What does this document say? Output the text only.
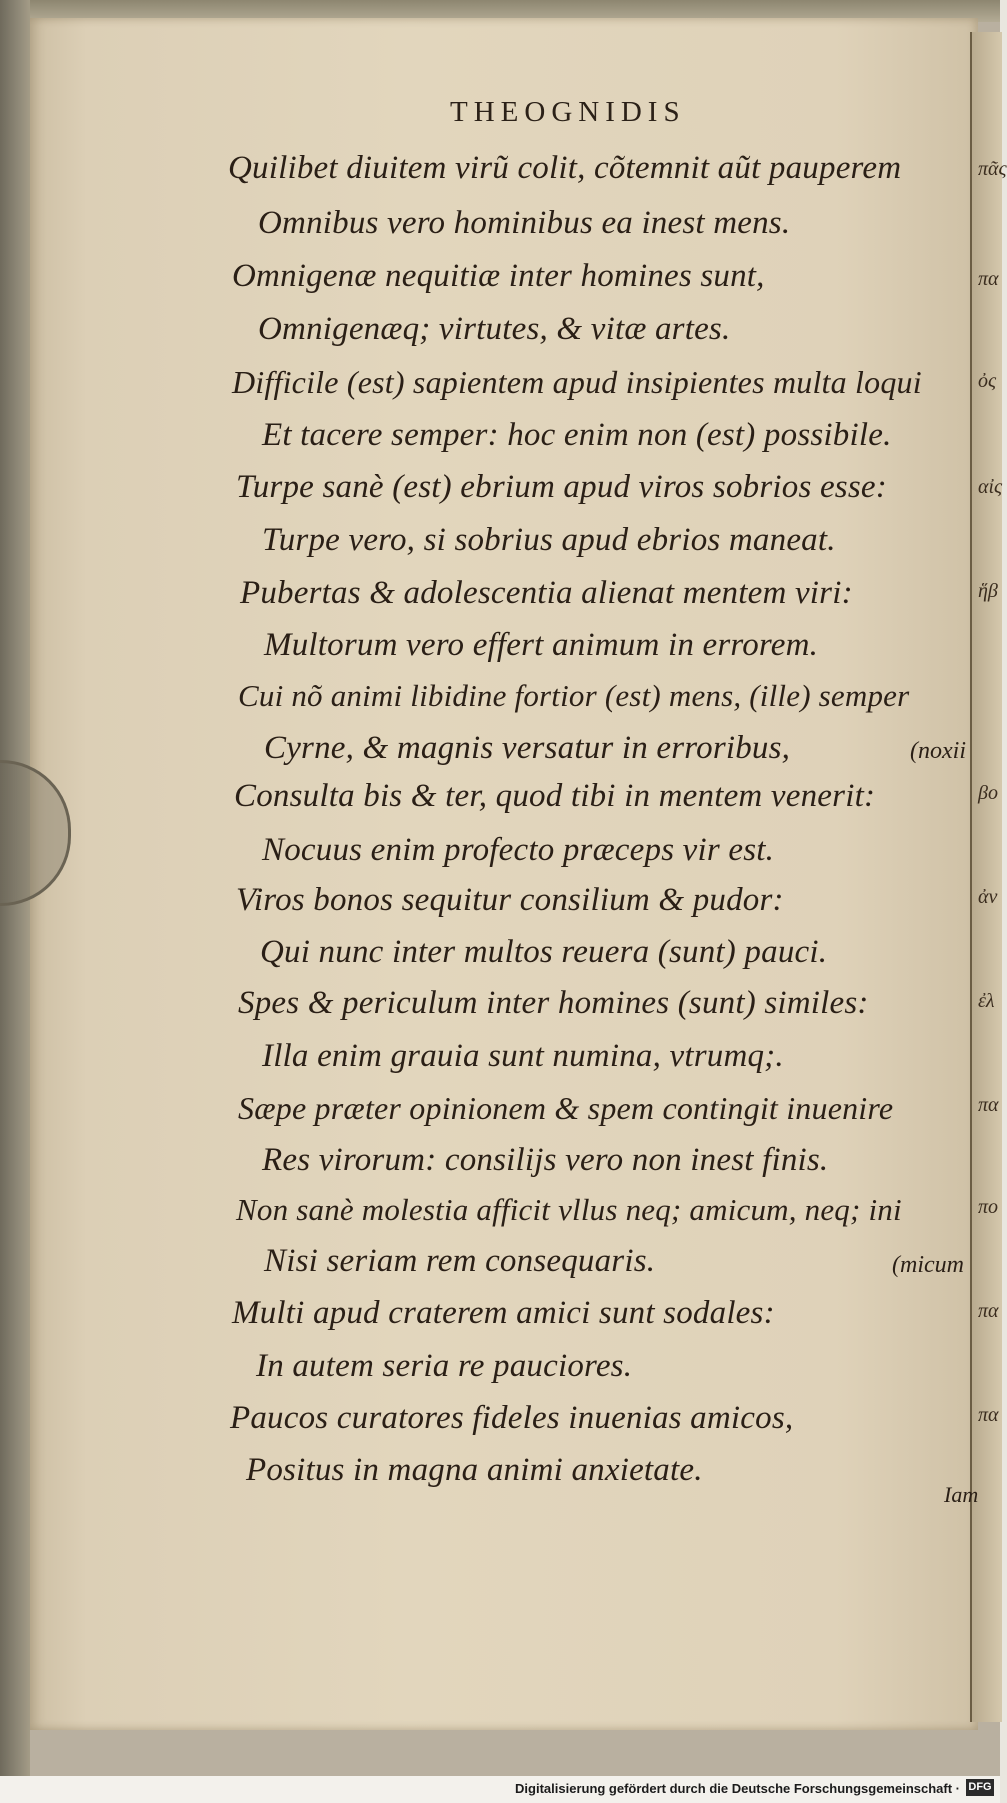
THEOGNIDIS
Quilibet diuitem virũ colit, cõtemnit aũt pauperem
Omnibus vero hominibus ea inest mens.
Omnigenæ nequitiæ inter homines sunt,
Omnigenæq; virtutes, & vitæ artes.
Difficile (est) sapientem apud insipientes multa loqui
Et tacere semper: hoc enim non (est) possibile.
Turpe sanè (est) ebrium apud viros sobrios esse:
Turpe vero, si sobrius apud ebrios maneat.
Pubertas & adolescentia alienat mentem viri:
Multorum vero effert animum in errorem.
Cui nõ animi libidine fortior (est) mens, (ille) semper
Cyrne, & magnis versatur in erroribus,	(noxii
Consulta bis & ter, quod tibi in mentem venerit:
Nocuus enim profecto præceps vir est.
Viros bonos sequitur consilium & pudor:
Qui nunc inter multos reuera (sunt) pauci.
Spes & periculum inter homines (sunt) similes:
Illa enim grauia sunt numina, vtrumq;.
Sæpe præter opinionem & spem contingit inuenire
Res virorum: consilijs vero non inest finis.
Non sanè molestia afficit vllus neq; amicum, neq; ini
Nisi seriam rem consequaris.	(micum
Multi apud craterem amici sunt sodales:
In autem seria re pauciores.
Paucos curatores fideles inuenias amicos,
Positus in magna animi anxietate.
Iam
πᾶς
πα
ὀς
αἰς
ἥβ
βο
ἀν
ἐλ
πα
πο
πα
πα
Digitalisierung gefördert durch die Deutsche Forschungsgemeinschaft · DFG
